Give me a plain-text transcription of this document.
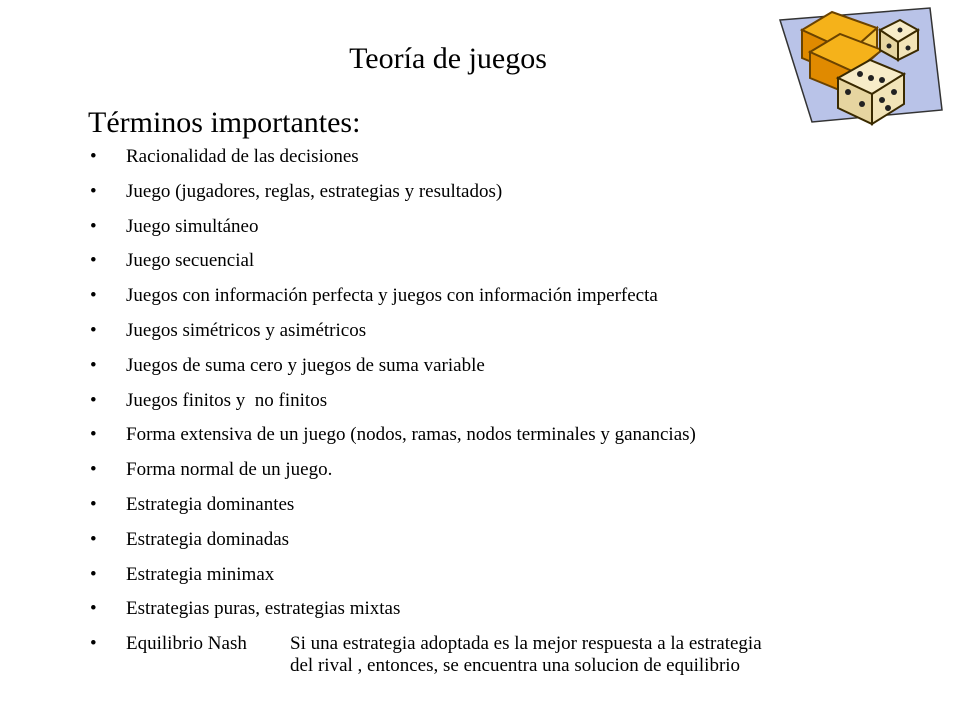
Teoría de juegos
Términos importantes:
•	Racionalidad de las decisiones
•	Juego (jugadores, reglas, estrategias y resultados)
•	Juego simultáneo
•	Juego secuencial
•	Juegos con información perfecta y juegos con información imperfecta
•	Juegos simétricos y asimétricos
•	Juegos de suma cero y juegos de suma variable
•	Juegos finitos y  no finitos
•	Forma extensiva de un juego (nodos, ramas, nodos terminales y ganancias)
•	Forma normal de un juego.
•	Estrategia dominantes
•	Estrategia dominadas
•	Estrategia minimax
•	Estrategias puras, estrategias mixtas
•	Equilibrio Nash	Si una estrategia adoptada es la mejor respuesta a la estrategia
del rival , entonces, se encuentra una solucion de equilibrio
